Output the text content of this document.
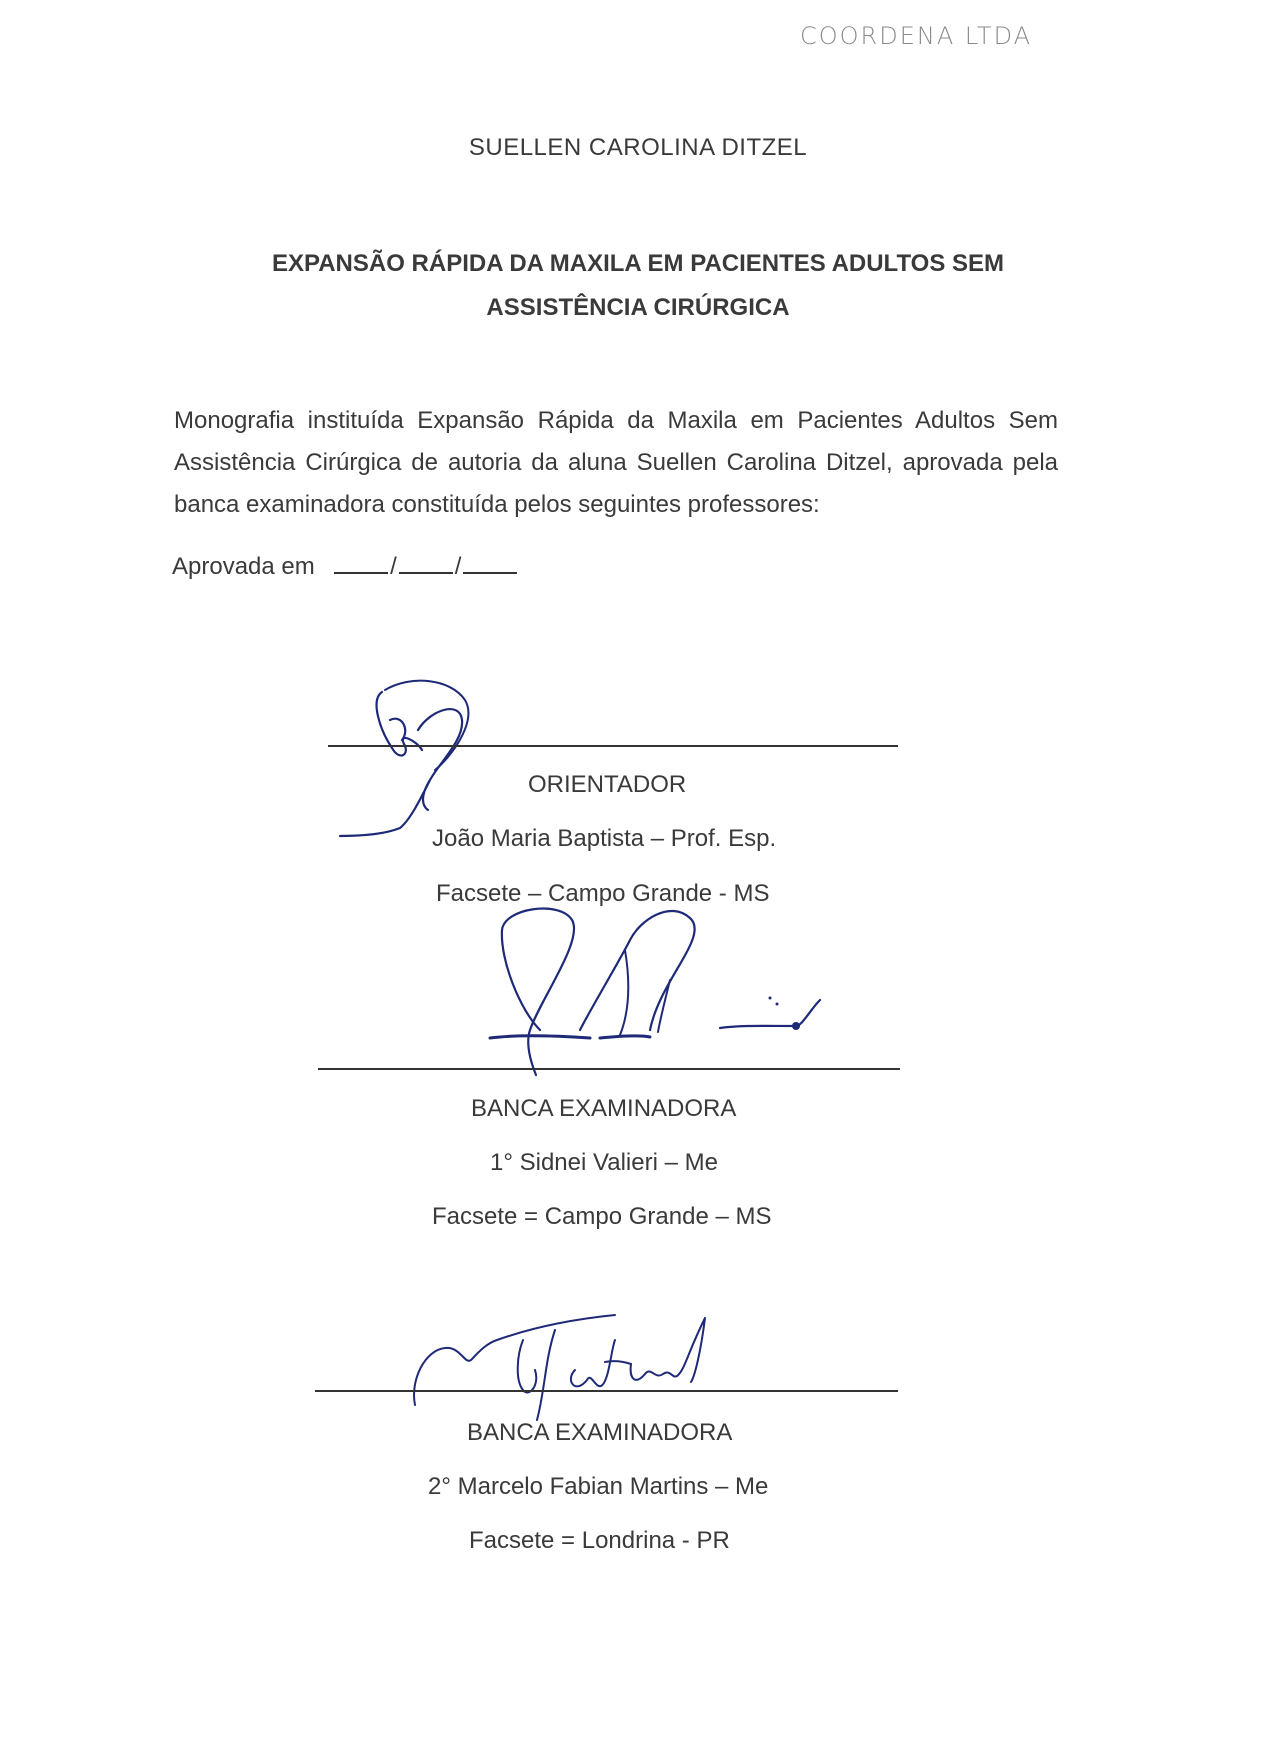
COORDENA LTDA
SUELLEN CAROLINA DITZEL
EXPANSÃO RÁPIDA DA MAXILA EM PACIENTES ADULTOS SEM
ASSISTÊNCIA CIRÚRGICA
Monografia instituída Expansão Rápida da Maxila em Pacientes Adultos Sem Assistência Cirúrgica de autoria da aluna Suellen Carolina Ditzel, aprovada pela banca examinadora constituída pelos seguintes professores:
Aprovada em	/ /
ORIENTADOR
João Maria Baptista – Prof. Esp.
Facsete – Campo Grande - MS
BANCA EXAMINADORA
1° Sidnei Valieri – Me
Facsete = Campo Grande – MS
BANCA EXAMINADORA
2° Marcelo Fabian Martins – Me
Facsete = Londrina - PR
